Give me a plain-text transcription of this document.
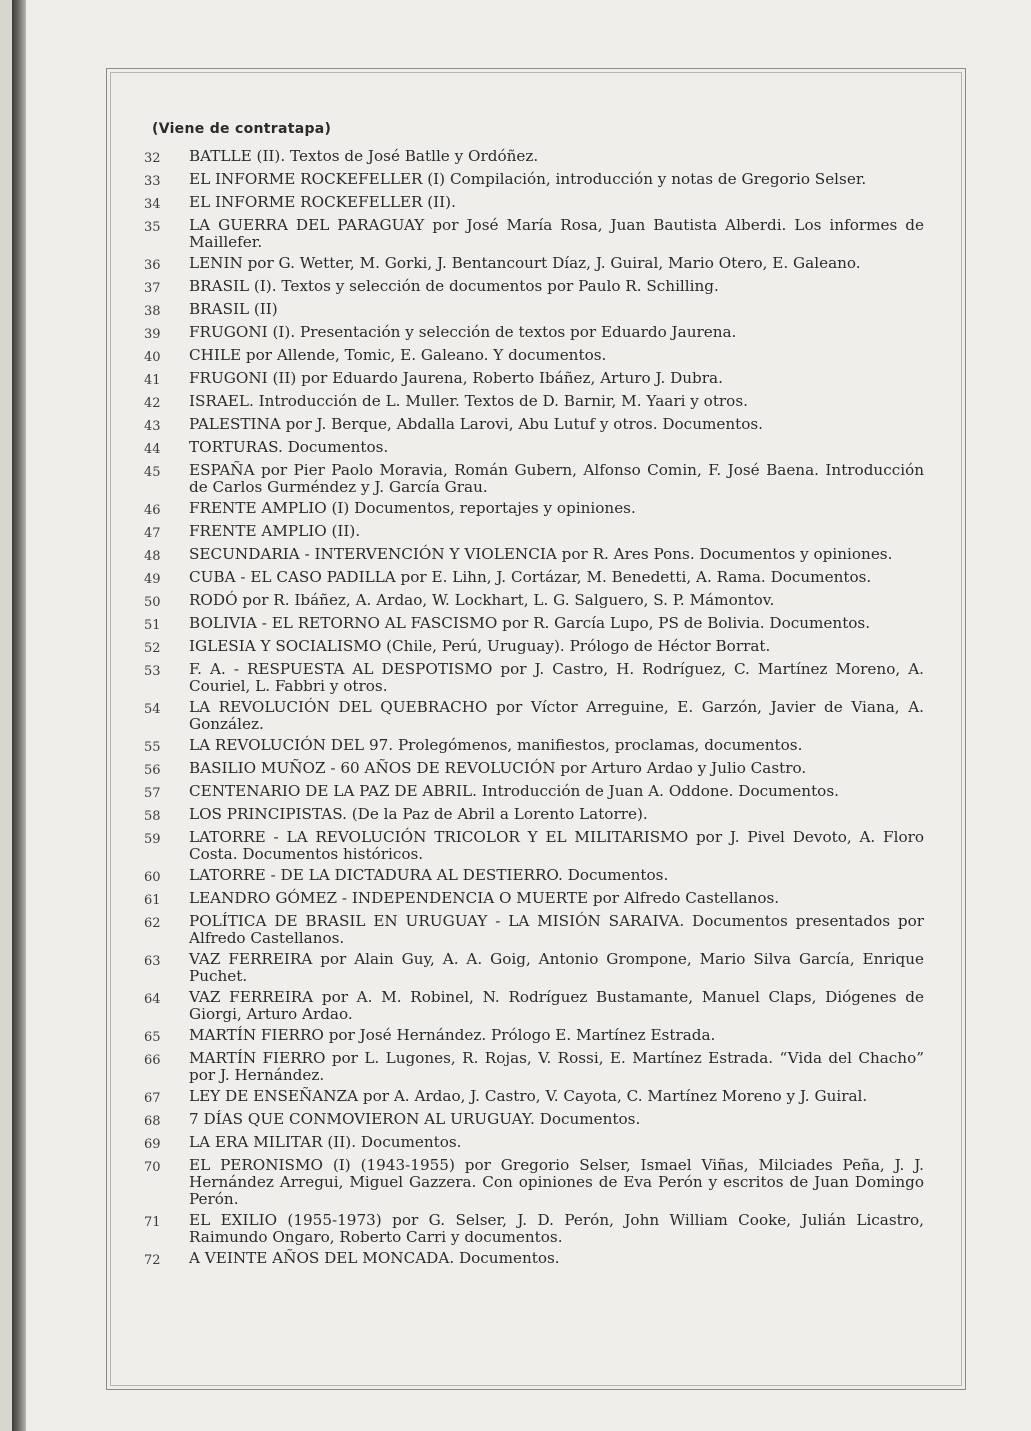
(Viene de contratapa)
32	BATLLE (II). Textos de José Batlle y Ordóñez.
33	EL INFORME ROCKEFELLER (I) Compilación, introducción y notas de Gregorio Selser.
34	EL INFORME ROCKEFELLER (II).
35	LA GUERRA DEL PARAGUAY por José María Rosa, Juan Bautista Alberdi. Los informes de Maillefer.
36	LENIN por G. Wetter, M. Gorki, J. Bentancourt Díaz, J. Guiral, Mario Otero, E. Galeano.
37	BRASIL (I). Textos y selección de documentos por Paulo R. Schilling.
38	BRASIL (II)
39	FRUGONI (I). Presentación y selección de textos por Eduardo Jaurena.
40	CHILE por Allende, Tomic, E. Galeano. Y documentos.
41	FRUGONI (II) por Eduardo Jaurena, Roberto Ibáñez, Arturo J. Dubra.
42	ISRAEL. Introducción de L. Muller. Textos de D. Barnir, M. Yaari y otros.
43	PALESTINA por J. Berque, Abdalla Larovi, Abu Lutuf y otros. Documentos.
44	TORTURAS. Documentos.
45	ESPAÑA por Pier Paolo Moravia, Román Gubern, Alfonso Comin, F. José Baena. Introducción de Carlos Gurméndez y J. García Grau.
46	FRENTE AMPLIO (I) Documentos, reportajes y opiniones.
47	FRENTE AMPLIO (II).
48	SECUNDARIA - INTERVENCIÓN Y VIOLENCIA por R. Ares Pons. Documentos y opiniones.
49	CUBA - EL CASO PADILLA por E. Lihn, J. Cortázar, M. Benedetti, A. Rama. Documentos.
50	RODÓ por R. Ibáñez, A. Ardao, W. Lockhart, L. G. Salguero, S. P. Mámontov.
51	BOLIVIA - EL RETORNO AL FASCISMO por R. García Lupo, PS de Bolivia. Documentos.
52	IGLESIA Y SOCIALISMO (Chile, Perú, Uruguay). Prólogo de Héctor Borrat.
53	F. A. - RESPUESTA AL DESPOTISMO por J. Castro, H. Rodríguez, C. Martínez Moreno, A. Couriel, L. Fabbri y otros.
54	LA REVOLUCIÓN DEL QUEBRACHO por Víctor Arreguine, E. Garzón, Javier de Viana, A. González.
55	LA REVOLUCIÓN DEL 97. Prolegómenos, manifiestos, proclamas, documentos.
56	BASILIO MUÑOZ - 60 AÑOS DE REVOLUCIÓN por Arturo Ardao y Julio Castro.
57	CENTENARIO DE LA PAZ DE ABRIL. Introducción de Juan A. Oddone. Documentos.
58	LOS PRINCIPISTAS. (De la Paz de Abril a Lorento Latorre).
59	LATORRE - LA REVOLUCIÓN TRICOLOR Y EL MILITARISMO por J. Pivel Devoto, A. Floro Costa. Documentos históricos.
60	LATORRE - DE LA DICTADURA AL DESTIERRO. Documentos.
61	LEANDRO GÓMEZ - INDEPENDENCIA O MUERTE por Alfredo Castellanos.
62	POLÍTICA DE BRASIL EN URUGUAY - LA MISIÓN SARAIVA. Documentos presentados por Alfredo Castellanos.
63	VAZ FERREIRA por Alain Guy, A. A. Goig, Antonio Grompone, Mario Silva García, Enrique Puchet.
64	VAZ FERREIRA por A. M. Robinel, N. Rodríguez Bustamante, Manuel Claps, Diógenes de Giorgi, Arturo Ardao.
65	MARTÍN FIERRO por José Hernández. Prólogo E. Martínez Estrada.
66	MARTÍN FIERRO por L. Lugones, R. Rojas, V. Rossi, E. Martínez Estrada. “Vida del Chacho” por J. Hernández.
67	LEY DE ENSEÑANZA por A. Ardao, J. Castro, V. Cayota, C. Martínez Moreno y J. Guiral.
68	7 DÍAS QUE CONMOVIERON AL URUGUAY. Documentos.
69	LA ERA MILITAR (II). Documentos.
70	EL PERONISMO (I) (1943-1955) por Gregorio Selser, Ismael Viñas, Milciades Peña, J. J. Hernández Arregui, Miguel Gazzera. Con opiniones de Eva Perón y escritos de Juan Domingo Perón.
71	EL EXILIO (1955-1973) por G. Selser, J. D. Perón, John William Cooke, Julián Licastro, Raimundo Ongaro, Roberto Carri y documentos.
72	A VEINTE AÑOS DEL MONCADA. Documentos.
